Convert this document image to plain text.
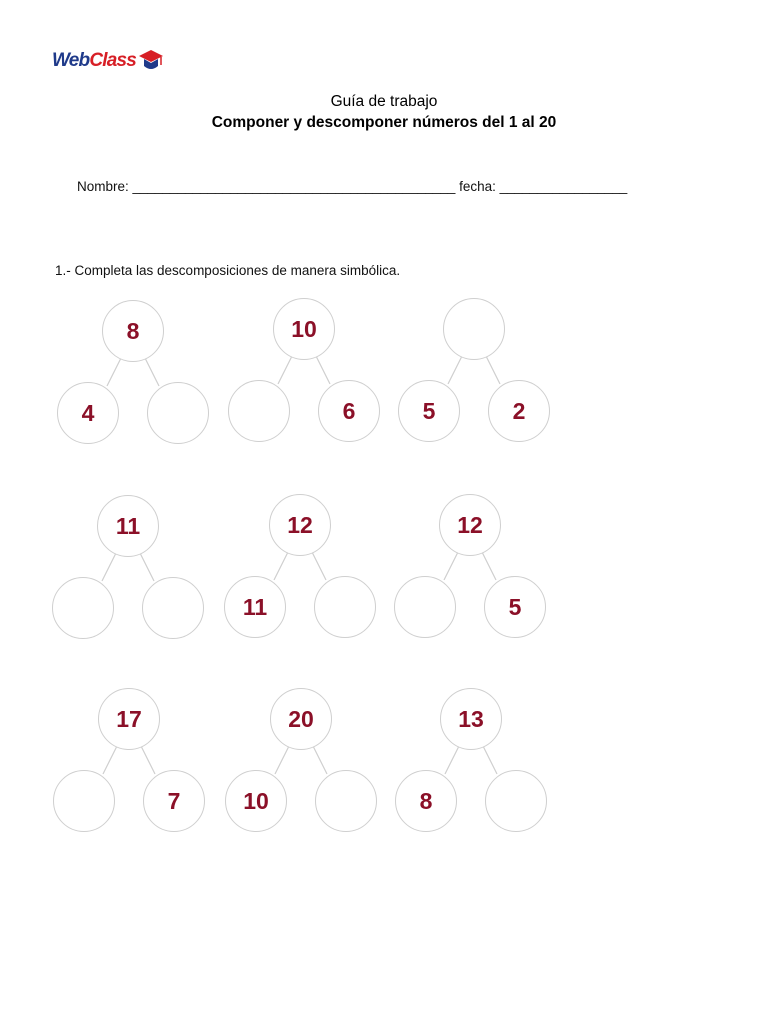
WebClass
Guía de trabajo
Componer y descomponer números del 1 al 20
Nombre: ___________________________________________ fecha: _________________
1.- Completa las descomposiciones de manera simbólica.
8
4
10
6	5	2
11	12
11
12
5
17
7
20
10
13
8
